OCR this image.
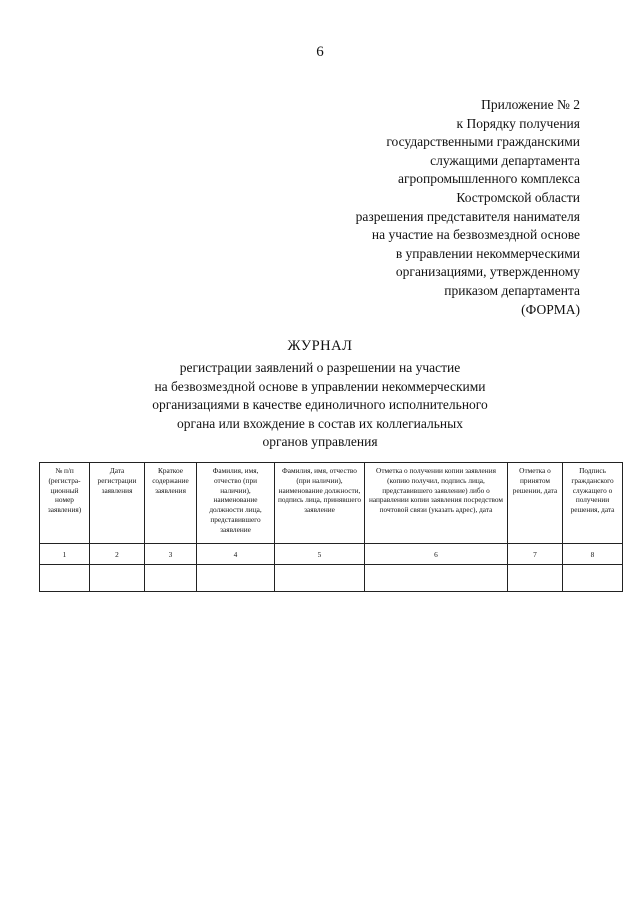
6
Приложение № 2
к Порядку получения
государственными гражданскими
служащими департамента
агропромышленного комплекса
Костромской области
разрешения представителя нанимателя
на участие на безвозмездной основе
в управлении некоммерческими
организациями, утвержденному
приказом департамента
(ФОРМА)
ЖУРНАЛ
регистрации заявлений о разрешении на участие
на безвозмездной основе в управлении некоммерческими
организациями в качестве единоличного исполнительного
органа или вхождение в состав их коллегиальных
органов управления
№ п/п (регистра-ционный номер заявления)	Дата регистрации заявления	Краткое содержание заявления	Фамилия, имя, отчество (при наличии), наименование должности лица, представившего заявление	Фамилия, имя, отчество (при наличии), наименование должности, подпись лица, принявшего заявление	Отметка о получении копии заявления (копию получил, подпись лица, представившего заявление) либо о направлении копии заявления посредством почтовой связи (указать адрес), дата	Отметка о принятом решении, дата	Подпись гражданского служащего о получении решения, дата
1	2	3	4	5	6	7	8
